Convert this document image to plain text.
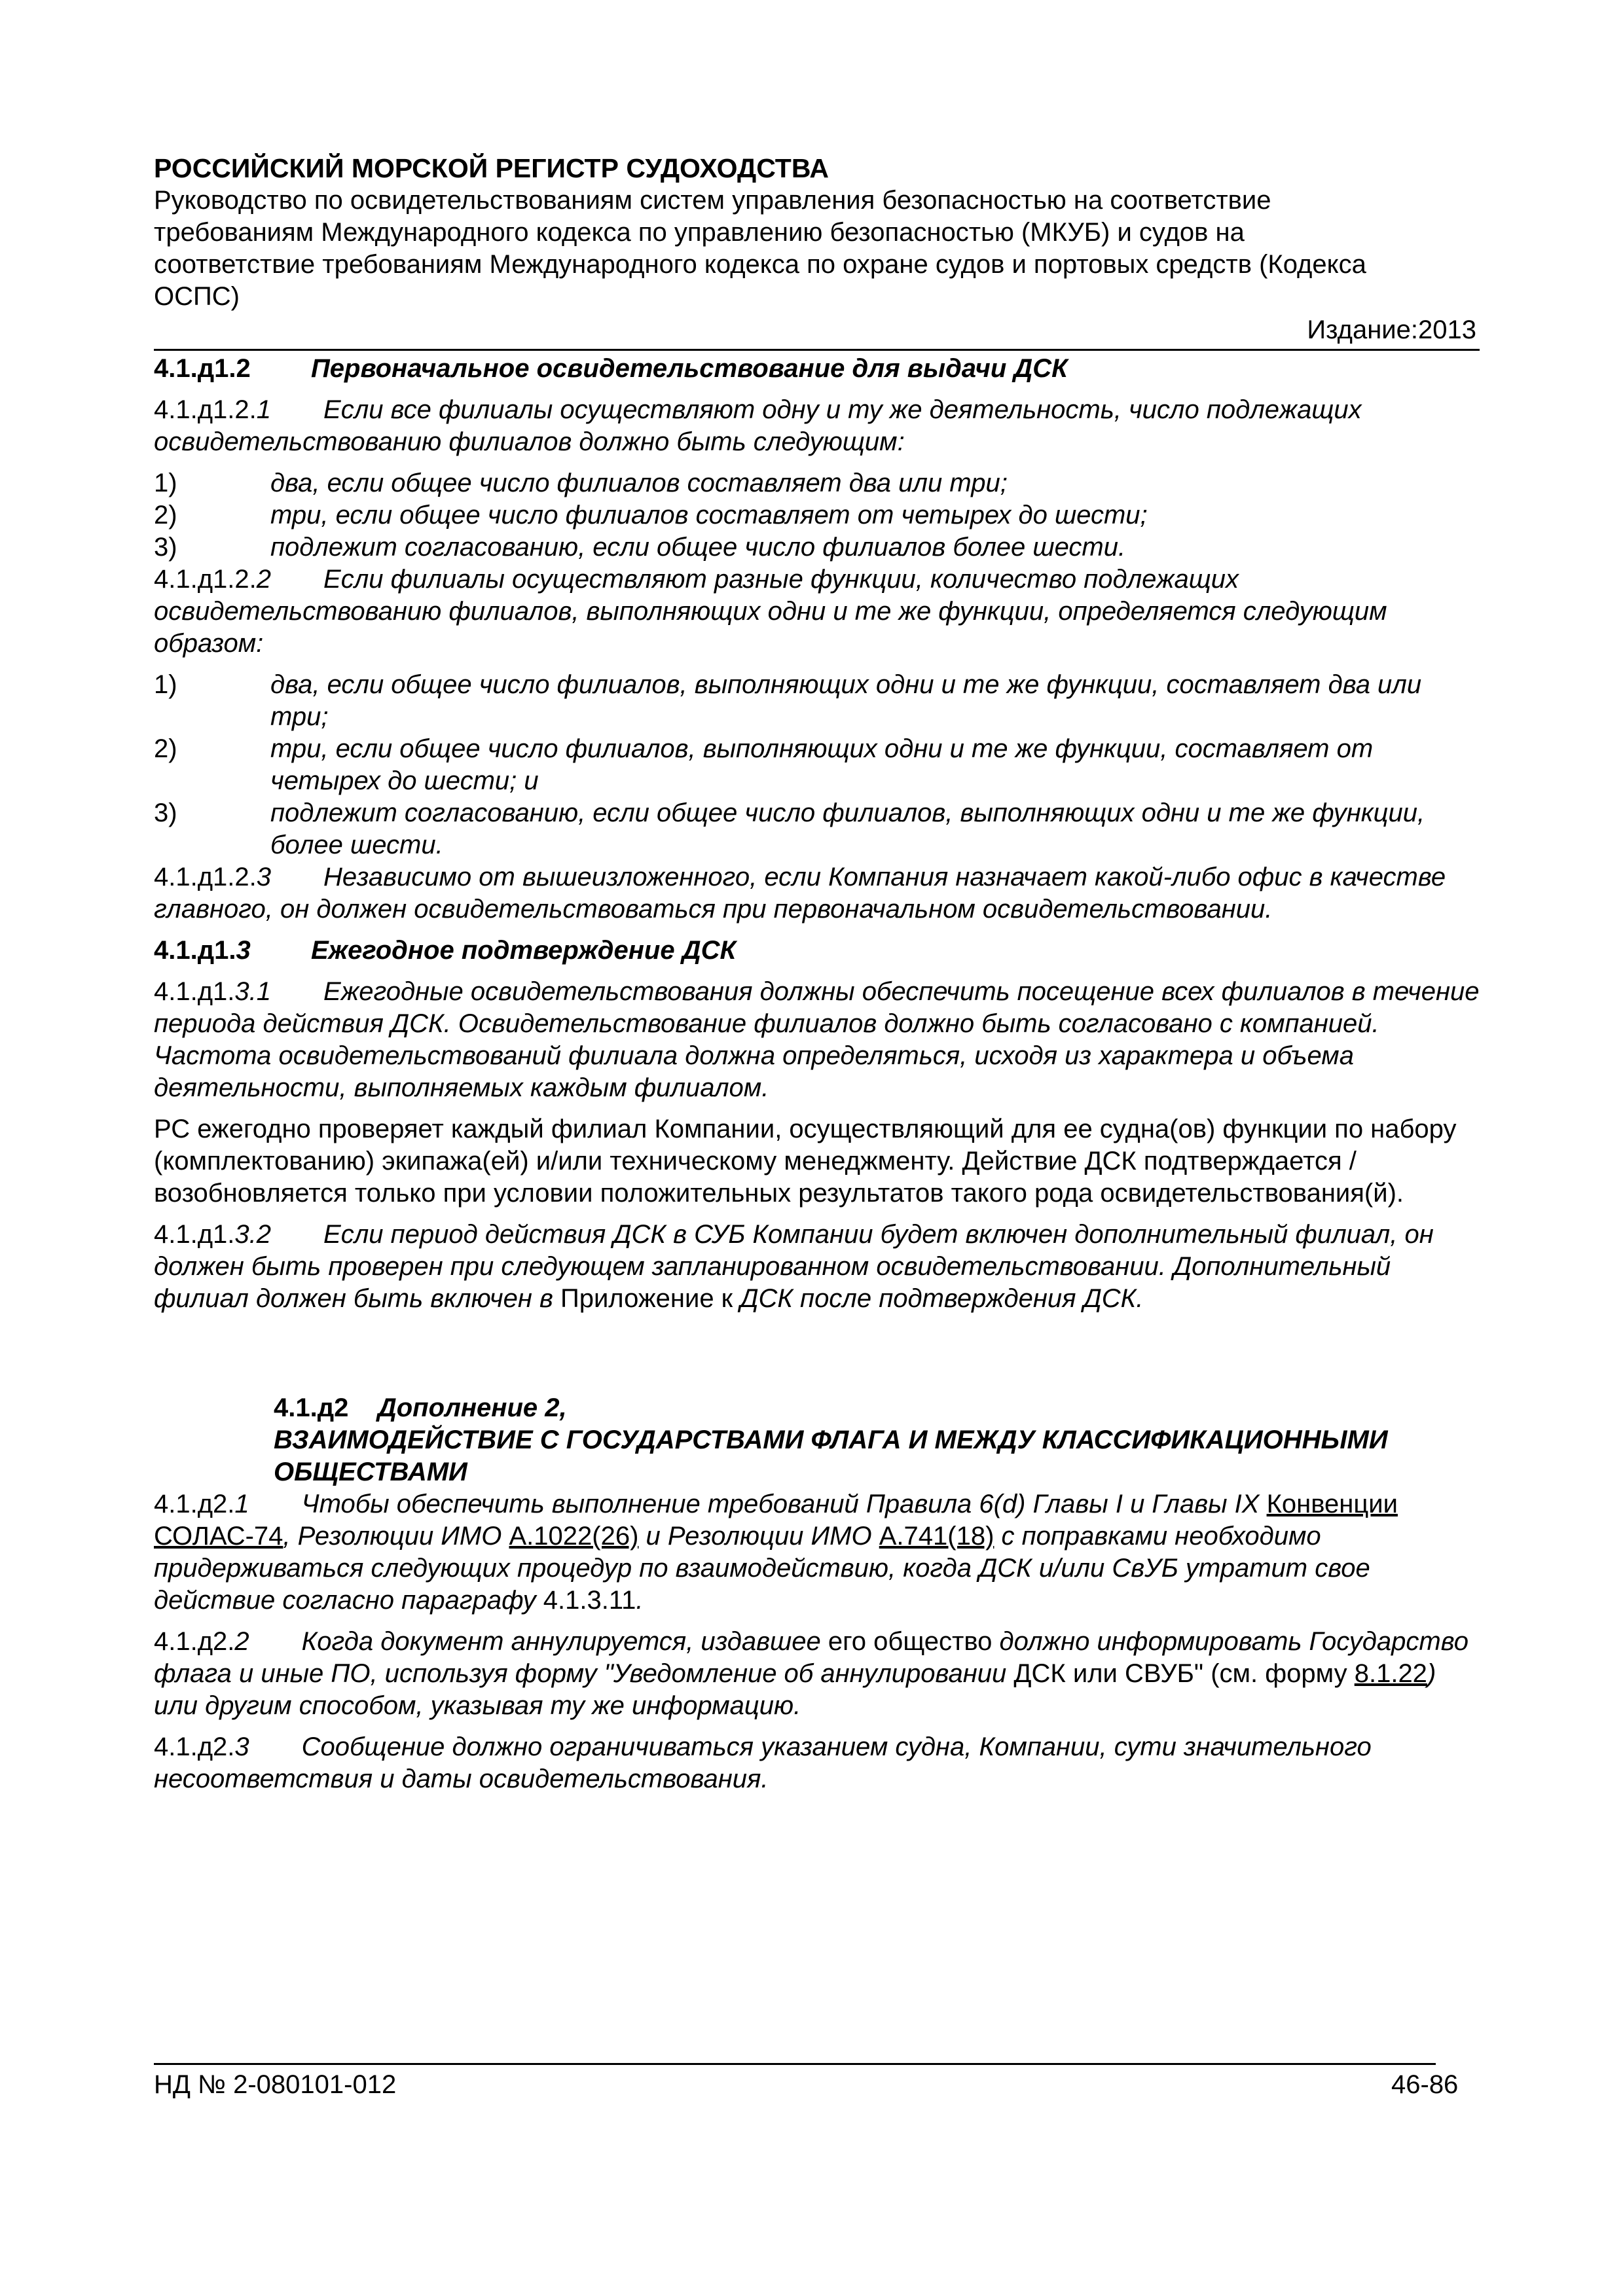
РОССИЙСКИЙ МОРСКОЙ РЕГИСТР СУДОХОДСТВА
Руководство по освидетельствованиям систем управления безопасностью на соответствие
требованиям Международного кодекса по управлению безопасностью (МКУБ) и судов на
соответствие требованиям Международного кодекса по охране судов и портовых средств (Кодекса
ОСПС)
Издание:2013
4.1.д1.2 Первоначальное освидетельствование для выдачи ДСК

4.1.д1.2.1 Если все филиалы осуществляют одну и ту же деятельность, число подлежащих освидетельствованию филиалов должно быть следующим:

1)	два, если общее число филиалов составляет два или три;
2)	три, если общее число филиалов составляет от четырех до шести;
3)	подлежит согласованию, если общее число филиалов более шести.

4.1.д1.2.2 Если филиалы осуществляют разные функции, количество подлежащих освидетельствованию филиалов, выполняющих одни и те же функции, определяется следующим образом:

1)	два, если общее число филиалов, выполняющих одни и те же функции, составляет два или три;
2)	три, если общее число филиалов, выполняющих одни и те же функции, составляет от четырех до шести; и
3)	подлежит согласованию, если общее число филиалов, выполняющих одни и те же функции, более шести.

4.1.д1.2.3 Независимо от вышеизложенного, если Компания назначает какой-либо офис в качестве главного, он должен освидетельствоваться при первоначальном освидетельствовании.

4.1.д1.3 Ежегодное подтверждение ДСК

4.1.д1.3.1 Ежегодные освидетельствования должны обеспечить посещение всех филиалов в течение периода действия ДСК. Освидетельствование филиалов должно быть согласовано с компанией. Частота освидетельствований филиала должна определяться, исходя из характера и объема деятельности, выполняемых каждым филиалом.

РС ежегодно проверяет каждый филиал Компании, осуществляющий для ее судна(ов) функции по набору (комплектованию) экипажа(ей) и/или техническому менеджменту. Действие ДСК подтверждается / возобновляется только при условии положительных результатов такого рода освидетельствования(й).

4.1.д1.3.2 Если период действия ДСК в СУБ Компании будет включен дополнительный филиал, он должен быть проверен при следующем запланированном освидетельствовании. Дополнительный филиал должен быть включен в Приложение к ДСК после подтверждения ДСК.

4.1.д2 Дополнение 2,
ВЗАИМОДЕЙСТВИЕ С ГОСУДАРСТВАМИ ФЛАГА И МЕЖДУ КЛАССИФИКАЦИОННЫМИ ОБЩЕСТВАМИ

4.1.д2.1 Чтобы обеспечить выполнение требований Правила 6(d) Главы I и Главы IX Конвенции СОЛАС-74, Резолюции ИМО А.1022(26) и Резолюции ИМО А.741(18) с поправками необходимо придерживаться следующих процедур по взаимодействию, когда ДСК и/или СвУБ утратит свое действие согласно параграфу 4.1.3.11.

4.1.д2.2 Когда документ аннулируется, издавшее его общество должно информировать Государство флага и иные ПО, используя форму "Уведомление об аннулировании ДСК или СВУБ" (см. форму 8.1.22) или другим способом, указывая ту же информацию.

4.1.д2.3 Сообщение должно ограничиваться указанием судна, Компании, сути значительного несоответствия и даты освидетельствования.

НД № 2-080101-012	46-86
